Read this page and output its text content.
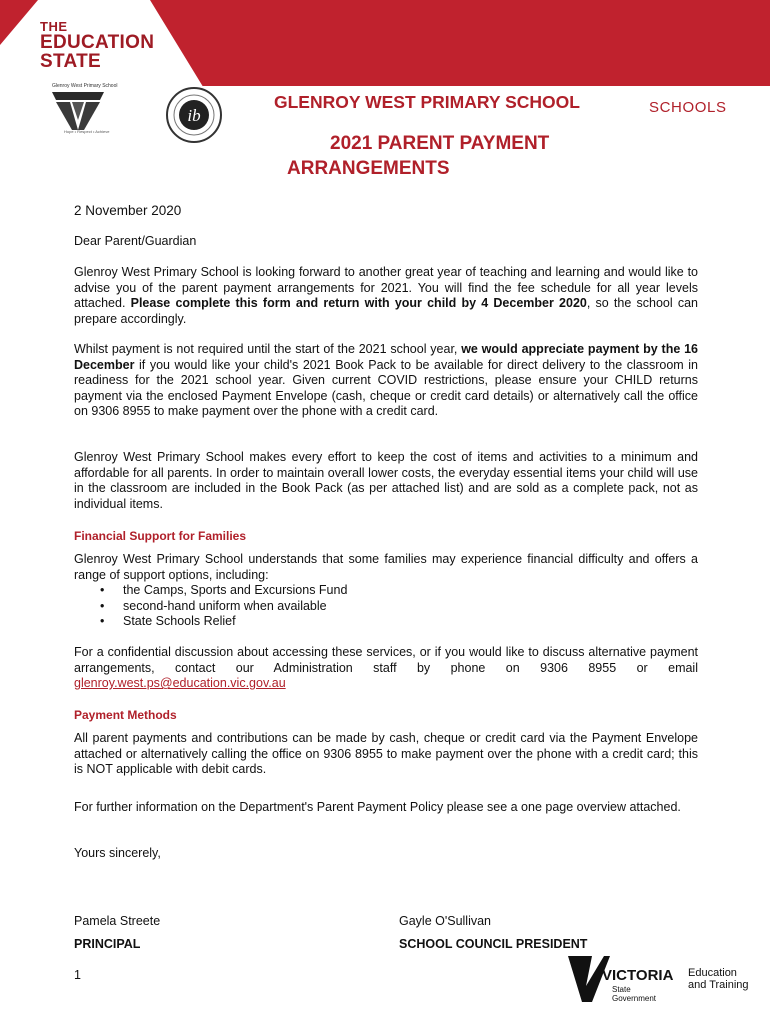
THE
EDUCATION
STATE
Glenroy West Primary School
Hope • Respect • Achieve
ib
GLENROY WEST PRIMARY SCHOOL	SCHOOLS
2021 PARENT PAYMENT
ARRANGEMENTS
2 November 2020
Dear Parent/Guardian
Glenroy West Primary School is looking forward to another great year of teaching and learning and would like to advise you of the parent payment arrangements for 2021. You will find the fee schedule for all year levels attached. Please complete this form and return with your child by 4 December 2020, so the school can prepare accordingly.
Whilst payment is not required until the start of the 2021 school year, we would appreciate payment by the 16 December if you would like your child's 2021 Book Pack to be available for direct delivery to the classroom in readiness for the 2021 school year. Given current COVID restrictions, please ensure your CHILD returns payment via the enclosed Payment Envelope (cash, cheque or credit card details) or alternatively call the office on 9306 8955 to make payment over the phone with a credit card.
Glenroy West Primary School makes every effort to keep the cost of items and activities to a minimum and affordable for all parents. In order to maintain overall lower costs, the everyday essential items your child will use in the classroom are included in the Book Pack (as per attached list) and are sold as a complete pack, not as individual items.
Financial Support for Families
Glenroy West Primary School understands that some families may experience financial difficulty and offers a range of support options, including:
• the Camps, Sports and Excursions Fund
• second-hand uniform when available
• State Schools Relief
For a confidential discussion about accessing these services, or if you would like to discuss alternative payment arrangements, contact our Administration staff by phone on 9306 8955 or email glenroy.west.ps@education.vic.gov.au
Payment Methods
All parent payments and contributions can be made by cash, cheque or credit card via the Payment Envelope attached or alternatively calling the office on 9306 8955 to make payment over the phone with a credit card; this is NOT applicable with debit cards.
For further information on the Department's Parent Payment Policy please see a one page overview attached.
Yours sincerely,
Pamela Streete
PRINCIPAL
Gayle O'Sullivan
SCHOOL COUNCIL PRESIDENT
1	VICTORIA
State
Government
Education
and Training
